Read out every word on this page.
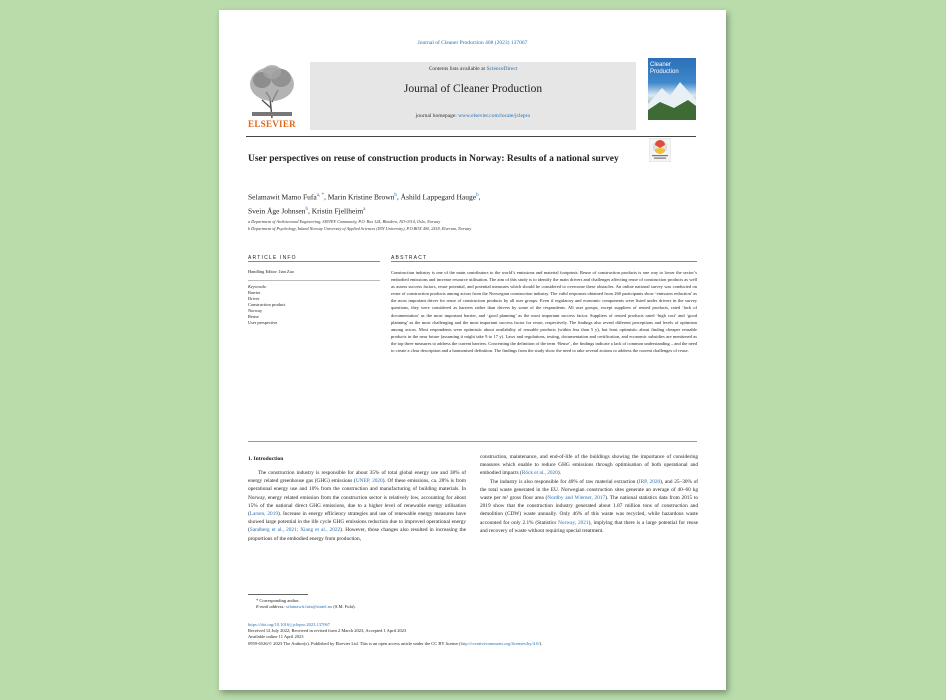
Journal of Cleaner Production 408 (2023) 137067
ELSEVIER
Contents lists available at ScienceDirect
Journal of Cleaner Production
journal homepage: www.elsevier.com/locate/jclepro
Cleaner Production
User perspectives on reuse of construction products in Norway: Results of a national survey
Selamawit Mamo Fufa$^{a, *}$, Marin Kristine Brown$^b$, Åshild Lappegard Hauge$^b$,
Svein Åge Johnsen$^b$, Kristin Fjellheim$^a$
a Department of Architectural Engineering, SINTEF Community, P.O. Box 124, Blindern, NO-0314, Oslo, Norway
b Department of Psychology, Inland Norway University of Applied Sciences (INN University), P.O.BOX 400, 2418, Elverum, Norway
ARTICLE INFO
Handling Editor: Jian Zuo
Keywords:
Barrier
Driver
Construction product
Norway
Reuse
User perspective
ABSTRACT
Construction industry is one of the main contributors to the world’s emissions and material footprints. Reuse of construction products is one way to lower the sector’s embodied emissions and increase resource utilisation. The aim of this study is to identify the main drivers and challenges affecting reuse of construction products as well as assess success factors, reuse potential, and potential measures which should be considered to overcome these obstacles. An online national survey was conducted on reuse of construction products among actors from the Norwegian construction industry. The valid responses obtained from 260 participants show ‘emission reduction’ as the most important driver for reuse of construction products by all user groups. Even if regulatory and economic components were listed under drivers in the survey questions, they were considered as barriers rather than drivers by some of the respondents. All user groups, except suppliers of reused products, rated ‘lack of documentation’ as the most important barrier, and ‘good planning’ as the most important success factor. Suppliers of reused products rated ‘high cost’ and ‘good planning’ as the most challenging and the most important success factor for reuse, respectively. The findings also reveal different perceptions and levels of optimism among actors. Most respondents were optimistic about availability of reusable products (within less than 5 y), but least optimistic about finding cheaper reusable products in the near future (assuming it might take 9 to 17 y). Laws and regulations, testing, documentation and certification, and economic subsidies are mentioned as the top three measures to address the current barriers. Concerning the definition of the term ‘Reuse’, the findings indicate a lack of common understanding – and the need to create a clear description and a harmonised definition. The findings from the study show the need to take several actions to address the current challenges of reuse.
1. Introduction

The construction industry is responsible for about 35% of total global energy use and 38% of energy related greenhouse gas (GHG) emissions (UNEP, 2020). Of these emissions, ca. 28% is from operational energy use and 10% from the construction and manufacturing of building materials. In Norway, energy related emission from the construction sector is relatively low, accounting for about 15% of the national direct GHG emissions, due to a higher level of renewable energy utilisation (Larsen, 2019). Increase in energy efficiency strategies and use of renewable energy measures have showed large potential in the life cycle GHG emissions reduction due to improved operational energy (Sandberg et al., 2021; Xiang et al., 2022). However, those changes also resulted in increasing the proportions of the embodied energy from production,

construction, maintenance, and end-of-life of the buildings showing the importance of considering measures which enable to reduce GHG emissions through optimisation of both operational and embodied impacts (Röck et al., 2020).

The industry is also responsible for 40% of raw material extraction (IRP, 2020), and 25–30% of the total waste generated in the EU. Norwegian construction sites generate an average of 40–60 kg waste per m² gross floor area (Nordby and Wærner, 2017). The national statistics data from 2015 to 2019 show that the construction industry generated about 1.87 million tons of construction and demolition (CDW) waste annually. Only 46% of this waste was recycled, while hazardous waste accounted for only 2.1% (Statistics Norway, 2021), implying that there is a large potential for reuse and recovery of waste without requiring special treatment.

* Corresponding author.
E-mail address: selamawit.fufa@sintef.no (S.M. Fufa).
https://doi.org/10.1016/j.jclepro.2023.137067
Received 12 July 2022; Received in revised form 2 March 2023; Accepted 1 April 2023
Available online 11 April 2023
0959-6526/© 2023 The Author(s). Published by Elsevier Ltd. This is an open access article under the CC BY license (http://creativecommons.org/licenses/by/4.0/).
